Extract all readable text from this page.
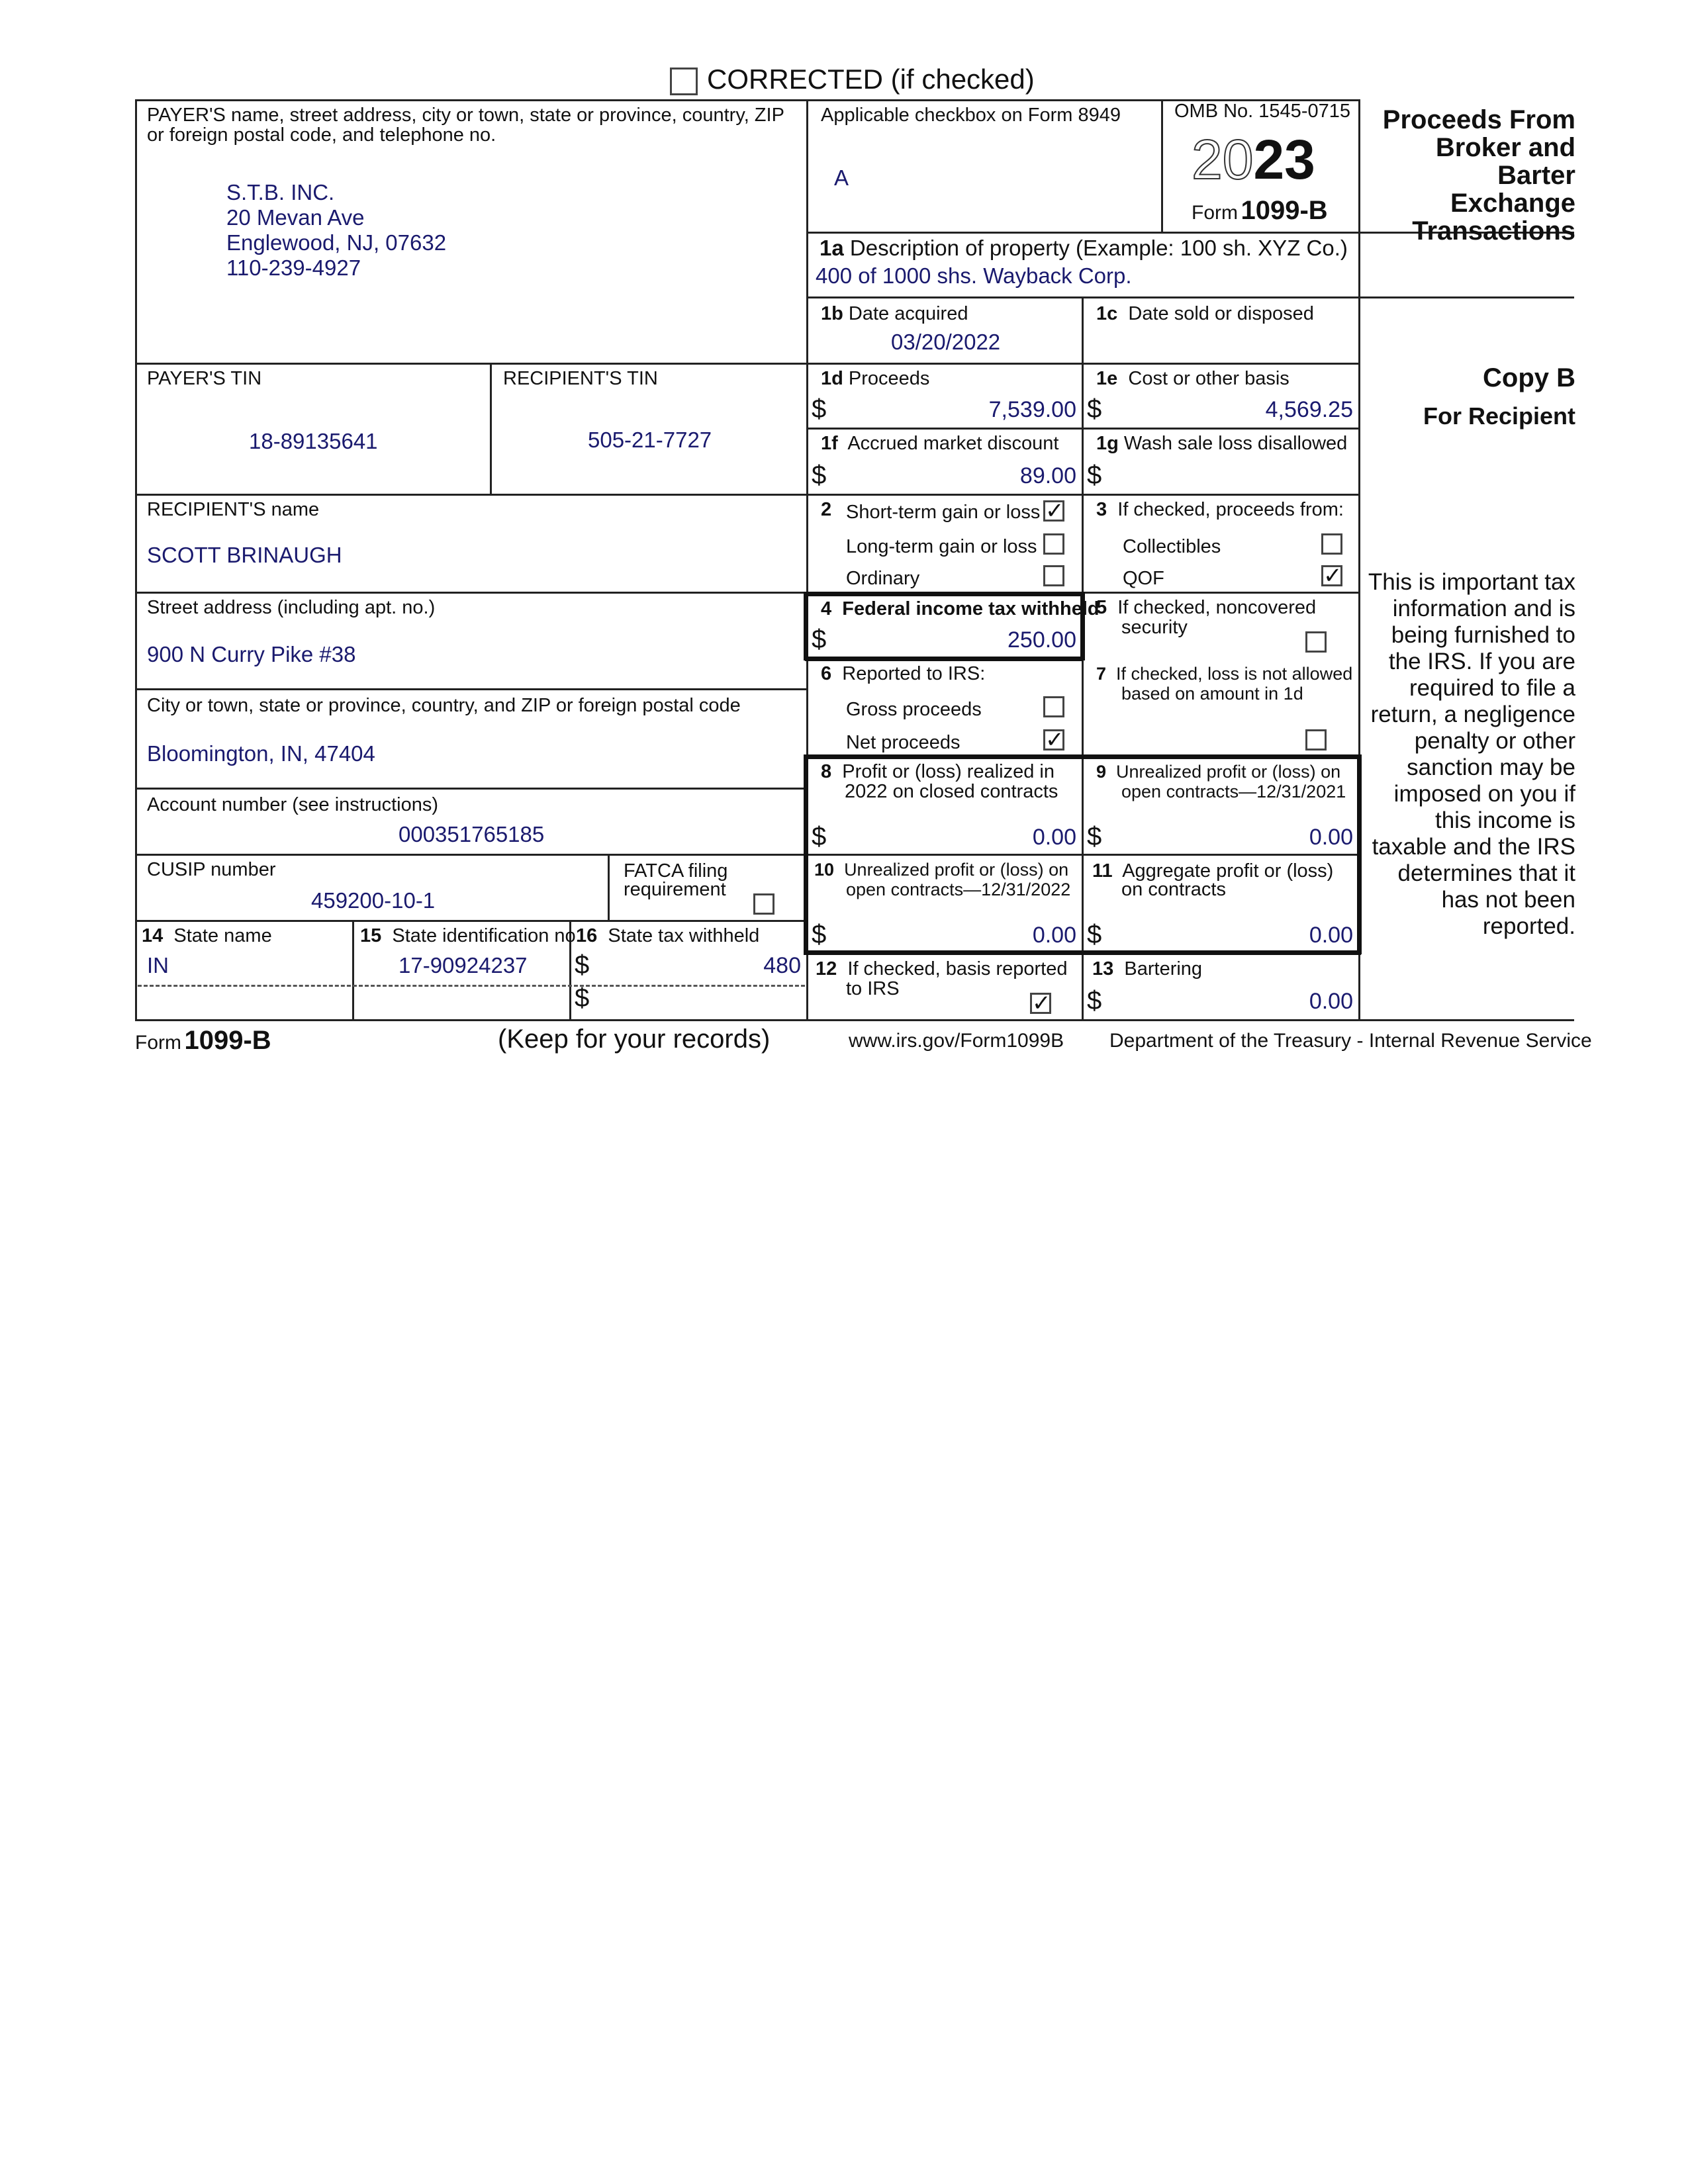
CORRECTED (if checked)
PAYER'S name, street address, city or town, state or province, country, ZIP
or foreign postal code, and telephone no.
S.T.B. INC.
20 Mevan Ave
Englewood, NJ, 07632
110-239-4927
Applicable checkbox on Form 8949
A
OMB No. 1545-0715
2023
Form 1099-B
Proceeds From Broker and Barter Exchange Transactions
1a Description of property (Example: 100 sh. XYZ Co.)
400 of 1000 shs. Wayback Corp.
1b Date acquired
03/20/2022
1c Date sold or disposed
PAYER'S TIN
18-89135641
RECIPIENT'S TIN
505-21-7727
1d Proceeds
$	7,539.00
1e Cost or other basis
$	4,569.25
1f Accrued market discount
$	89.00
1g Wash sale loss disallowed
$
Copy B
For Recipient
RECIPIENT'S name
SCOTT BRINAUGH
2 Short-term gain or loss ✓
Long-term gain or loss
Ordinary
3 If checked, proceeds from:
Collectibles
QOF	✓
Street address (including apt. no.)
900 N Curry Pike #38
4 Federal income tax withheld
$	250.00
5 If checked, noncovered
security
City or town, state or province, country, and ZIP or foreign postal code
Bloomington, IN, 47404
6 Reported to IRS:
Gross proceeds
Net proceeds	✓
7 If checked, loss is not allowed
based on amount in 1d
Account number (see instructions)
000351765185
8 Profit or (loss) realized in
2022 on closed contracts
$	0.00
9 Unrealized profit or (loss) on
open contracts—12/31/2021
$	0.00
CUSIP number
459200-10-1
FATCA filing
requirement
10 Unrealized profit or (loss) on
open contracts—12/31/2022
$	0.00
11 Aggregate profit or (loss)
on contracts
$	0.00
14 State name
IN
15 State identification no.
17-90924237
16 State tax withheld
$	480
$
12 If checked, basis reported
to IRS
✓
13 Bartering
$	0.00
This is important tax
information and is
being furnished to
the IRS. If you are
required to file a
return, a negligence
penalty or other
sanction may be
imposed on you if
this income is
taxable and the IRS
determines that it
has not been
reported.
Form 1099-B	(Keep for your records)	www.irs.gov/Form1099B Department of the Treasury - Internal Revenue Service
